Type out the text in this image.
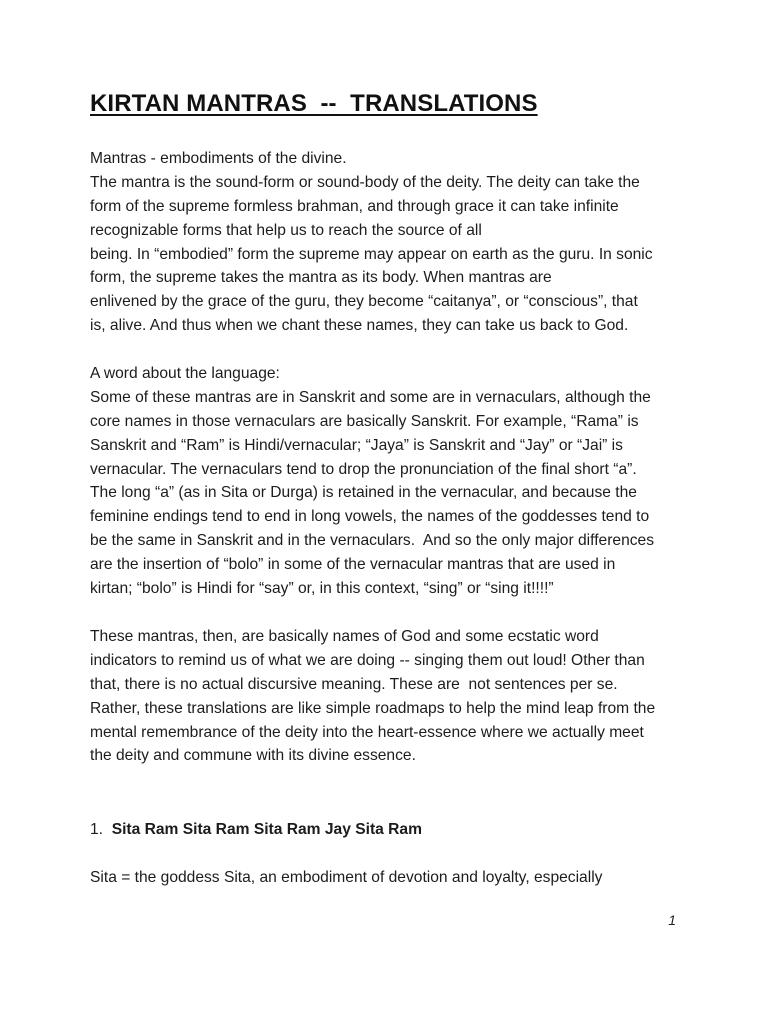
KIRTAN MANTRAS  --  TRANSLATIONS
Mantras - embodiments of the divine.
The mantra is the sound-form or sound-body of the deity. The deity can take the
form of the supreme formless brahman, and through grace it can take infinite
recognizable forms that help us to reach the source of all
being. In “embodied” form the supreme may appear on earth as the guru. In sonic
form, the supreme takes the mantra as its body. When mantras are
enlivened by the grace of the guru, they become “caitanya”, or “conscious”, that
is, alive. And thus when we chant these names, they can take us back to God.
A word about the language:
Some of these mantras are in Sanskrit and some are in vernaculars, although the
core names in those vernaculars are basically Sanskrit. For example, “Rama” is
Sanskrit and “Ram” is Hindi/vernacular; “Jaya” is Sanskrit and “Jay” or “Jai” is
vernacular. The vernaculars tend to drop the pronunciation of the final short “a”.
The long “a” (as in Sita or Durga) is retained in the vernacular, and because the
feminine endings tend to end in long vowels, the names of the goddesses tend to
be the same in Sanskrit and in the vernaculars.  And so the only major differences
are the insertion of “bolo” in some of the vernacular mantras that are used in
kirtan; “bolo” is Hindi for “say” or, in this context, “sing” or “sing it!!!!”
These mantras, then, are basically names of God and some ecstatic word
indicators to remind us of what we are doing -- singing them out loud! Other than
that, there is no actual discursive meaning. These are  not sentences per se.
Rather, these translations are like simple roadmaps to help the mind leap from the
mental remembrance of the deity into the heart-essence where we actually meet
the deity and commune with its divine essence.
1. Sita Ram Sita Ram Sita Ram Jay Sita Ram
Sita = the goddess Sita, an embodiment of devotion and loyalty, especially
1
